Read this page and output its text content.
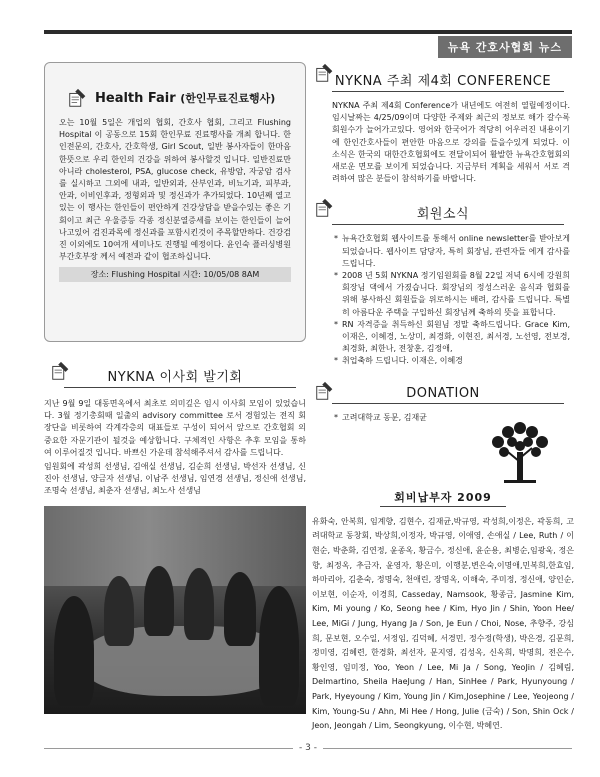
뉴욕 간호사협회 뉴스
Health Fair (한인무료진료행사)

오는 10월 5일은 개업의 협회, 간호사 협회, 그리고 Flushing Hospital 이 공동으로 15회 한인무료 진료행사를 개최 합니다. 한인전문의, 간호사, 간호학생, Girl Scout, 일반 봉사자들이 한마음 한뜻으로 우리 한인의 건강을 위하여 봉사할것 입니다. 일반진료만 아니라 cholesterol, PSA, glucose check, 유방암, 자궁암 검사를 실시하고 그외에 내과, 일반외과, 산부인과, 비뇨기과, 피부과, 안과, 이비인후과, 정형외과 및 정신과가 추가되었다. 10년째 열고있는 이 행사는 한인들이 편안하게 건강상담을 받을수있는 좋은 기회이고 최근 우울증등 각종 정신분열증세를 보이는 한인들이 늘어나고있어 검진과목에 정신과를 포함시킨것이 주목할만하다. 건강검진 이외에도 10여개 세미나도 진행될 예정이다. 윤인숙 플러싱병원 부간호부장 께서 예전과 같이 협조하십니다.

장소: Flushing Hospital 시간: 10/05/08 8AM
NYKNA 이사회 발기회

지난 9월 9일 대동면옥에서 최초로 의미깊은 임시 이사회 모임이 있었습니다. 3월 정기총회때 일출의 advisory committee 로서 경험있는 전직 회장단을 비롯하여 각계각층의 대표들로 구성이 되어서 앞으로 간호협회 의 중요한 자문기관이 될것을 예상합니다. 구체적인 사항은 추후 모임을 통하여 이루어질것 입니다. 바쁘신 가운데 참석해주셔서 감사를 드립니다.

임원회에 곽성희 선생님, 김애실 선생님, 김순희 선생님, 박선자 선생님, 신진아 선생님, 양금자 선생님, 이남주 선생님, 임연경 선생님, 정신애 선생님, 조명숙 선생님, 최춘자 선생님, 최노사 선생님

NYKNA 주최 제4회 CONFERENCE

NYKNA 주최 제4회 Conference가 내년에도 여전히 열릴예정이다. 임시날짜는 4/25/09이며 다양한 주제와 최근의 정보로 해가 갈수록 회원수가 늘어가고있다. 영어와 한국어가 적당히 어우러진 내용이기에 한인간호사들이 편안한 마음으로 강의를 들을수있게 되었다. 이 소식은 한국의 대한간호협회에도 전달이되어 활발한 뉴욕간호협회의 새로운 면모를 보이게 되었습니다. 지금부터 계획을 세워서 서로 격려하여 많은 분들이 참석하기를 바랍니다.

회원소식
* 뉴욕간호협회 웹사이트를 통해서 online newsletter를 받아보게 되었습니다. 웹사이트 담당자, 특히 회장님, 관련자들 에게 감사를 드립니다.
* 2008 년 5회 NYKNA 정기임원회를 8월 22일 저녁 6시에 강원희 회장님 댁에서 가졌습니다. 회장님의 정성스러운 음식과 협회를 위해 봉사하신 회원들을 위로하시는 배려, 감사를 드립니다. 특별히 아름다운 주택을 구입하신 회장님께 축하의 뜻을 표합니다.
* RN 자격증을 취득하신 회원님 정말 축하드립니다. Grace Kim, 이재은, 이혜경, 노상미, 최경화, 이현진, 최서경, 노선영, 전보경, 최경화, 최한나, 전창훈, 김정애,
* 취업축하 드립니다. 이재은, 이혜경
DONATION
* 고려대학교 동문, 김재균
회비납부자 2009

유화숙, 안복희, 임계향, 김현수, 김재균,박규영, 곽성희,이정은, 곽동희, 고려대학교 동창회, 박상희,이정자, 박규영, 이애영, 손애실 / Lee, Ruth / 이현순, 박춘화, 김연정, 윤종옥, 황금수, 정신애, 윤순용, 최병순,임광욱, 정은향, 최정옥, 추금자, 윤영자, 황은미, 이행분,변은숙,이명애,민복희,한효임,하마리아, 김춘숙, 정명숙, 천애린, 장명옥, 이해숙, 주미정, 정신애, 양인순,이보현, 이순자, 이경희, Casseday, Namsook, 황종금, Jasmine Kim, Kim, Mi young / Ko, Seong hee / Kim, Hyo Jin / Shin, Yoon Hee/ Lee, MiGi / Jung, Hyang Ja / Son, Je Eun / Choi, Nose, 추향주, 강심희, 문보현, 오수일, 서정임, 김덕혜, 서경민, 정수정(학생), 박은경, 김문희, 정미영, 김혜련, 한경화, 최선자, 문지영, 김성옥, 신옥희, 박명희, 전은수, 황인영, 임미정, Yoo, Yeon / Lee, Mi Ja / Song, YeoJin / 김혜림, Delmartino, Sheila HaeJung / Han, SinHee / Park, Hyunyoung / Park, Hyeyoung / Kim, Young Jin / Kim,Josephine / Lee, Yeojeong / Kim, Young-Su / Ahn, Mi Hee / Hong, Julie (금숙) / Son, Shin Ock / Jeon, Jeongah / Lim, Seongkyung, 이수현, 박혜연.

- 3 -
